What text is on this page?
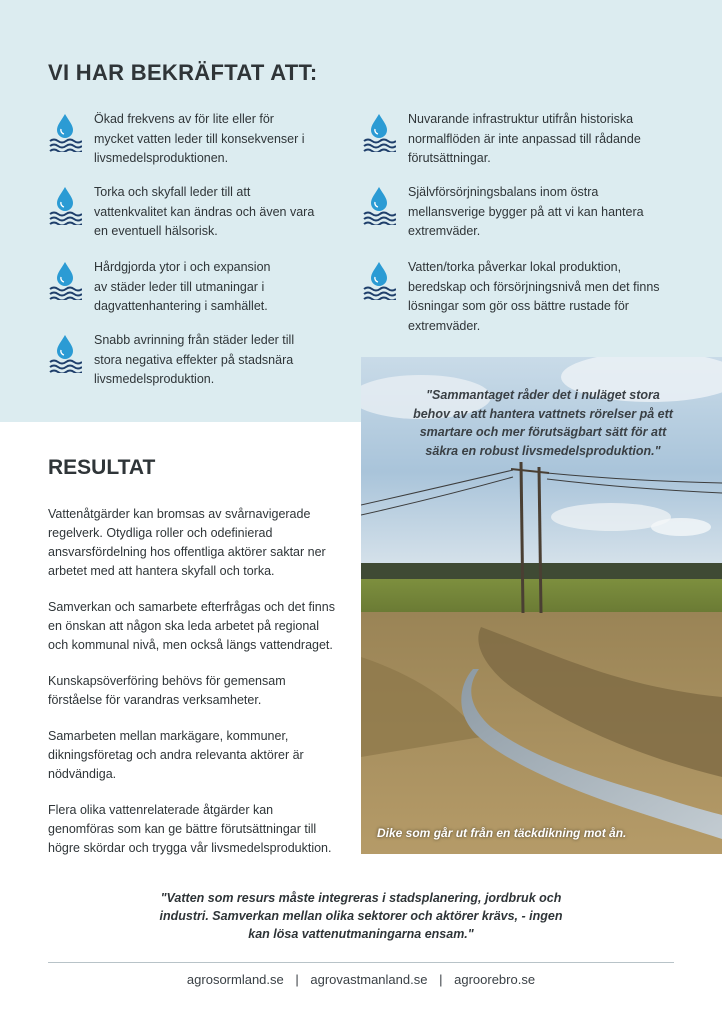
VI HAR BEKRÄFTAT ATT:
Ökad frekvens av för lite eller för
mycket vatten leder till konsekvenser i
livsmedelsproduktionen.
Torka och skyfall leder till att
vattenkvalitet kan ändras och även vara
en eventuell hälsorisk.
Hårdgjorda ytor i och expansion
av städer leder till utmaningar i
dagvattenhantering i samhället.
Snabb avrinning från städer leder till
stora negativa effekter på stadsnära
livsmedelsproduktion.
Nuvarande infrastruktur utifrån historiska
normalflöden är inte anpassad till rådande
förutsättningar.
Självförsörjningsbalans inom östra
mellansverige bygger på att vi kan hantera
extremväder.
Vatten/torka påverkar lokal produktion,
beredskap och försörjningsnivå men det finns
lösningar som gör oss bättre rustade för
extremväder.
RESULTAT

Vattenåtgärder kan bromsas av svårnavigerade
regelverk. Otydliga roller och odefinierad
ansvarsfördelning hos offentliga aktörer saktar ner
arbetet med att hantera skyfall och torka.

Samverkan och samarbete efterfrågas och det finns
en önskan att någon ska leda arbetet på regional
och kommunal nivå, men också längs vattendraget.

Kunskapsöverföring behövs för gemensam
förståelse för varandras verksamheter.

Samarbeten mellan markägare, kommuner,
dikningsföretag och andra relevanta aktörer är
nödvändiga.

Flera olika vattenrelaterade åtgärder kan
genomföras som kan ge bättre förutsättningar till
högre skördar och trygga vår livsmedelsproduktion.

"Sammantaget råder det i nuläget stora
behov av att hantera vattnets rörelser på ett
smartare och mer förutsägbart sätt för att
säkra en robust livsmedelsproduktion."
Dike som går ut från en täckdikning mot ån.
"Vatten som resurs måste integreras i stadsplanering, jordbruk och
industri. Samverkan mellan olika sektorer och aktörer krävs, - ingen
kan lösa vattenutmaningarna ensam."
agrosormland.se | agrovastmanland.se | agroorebro.se
